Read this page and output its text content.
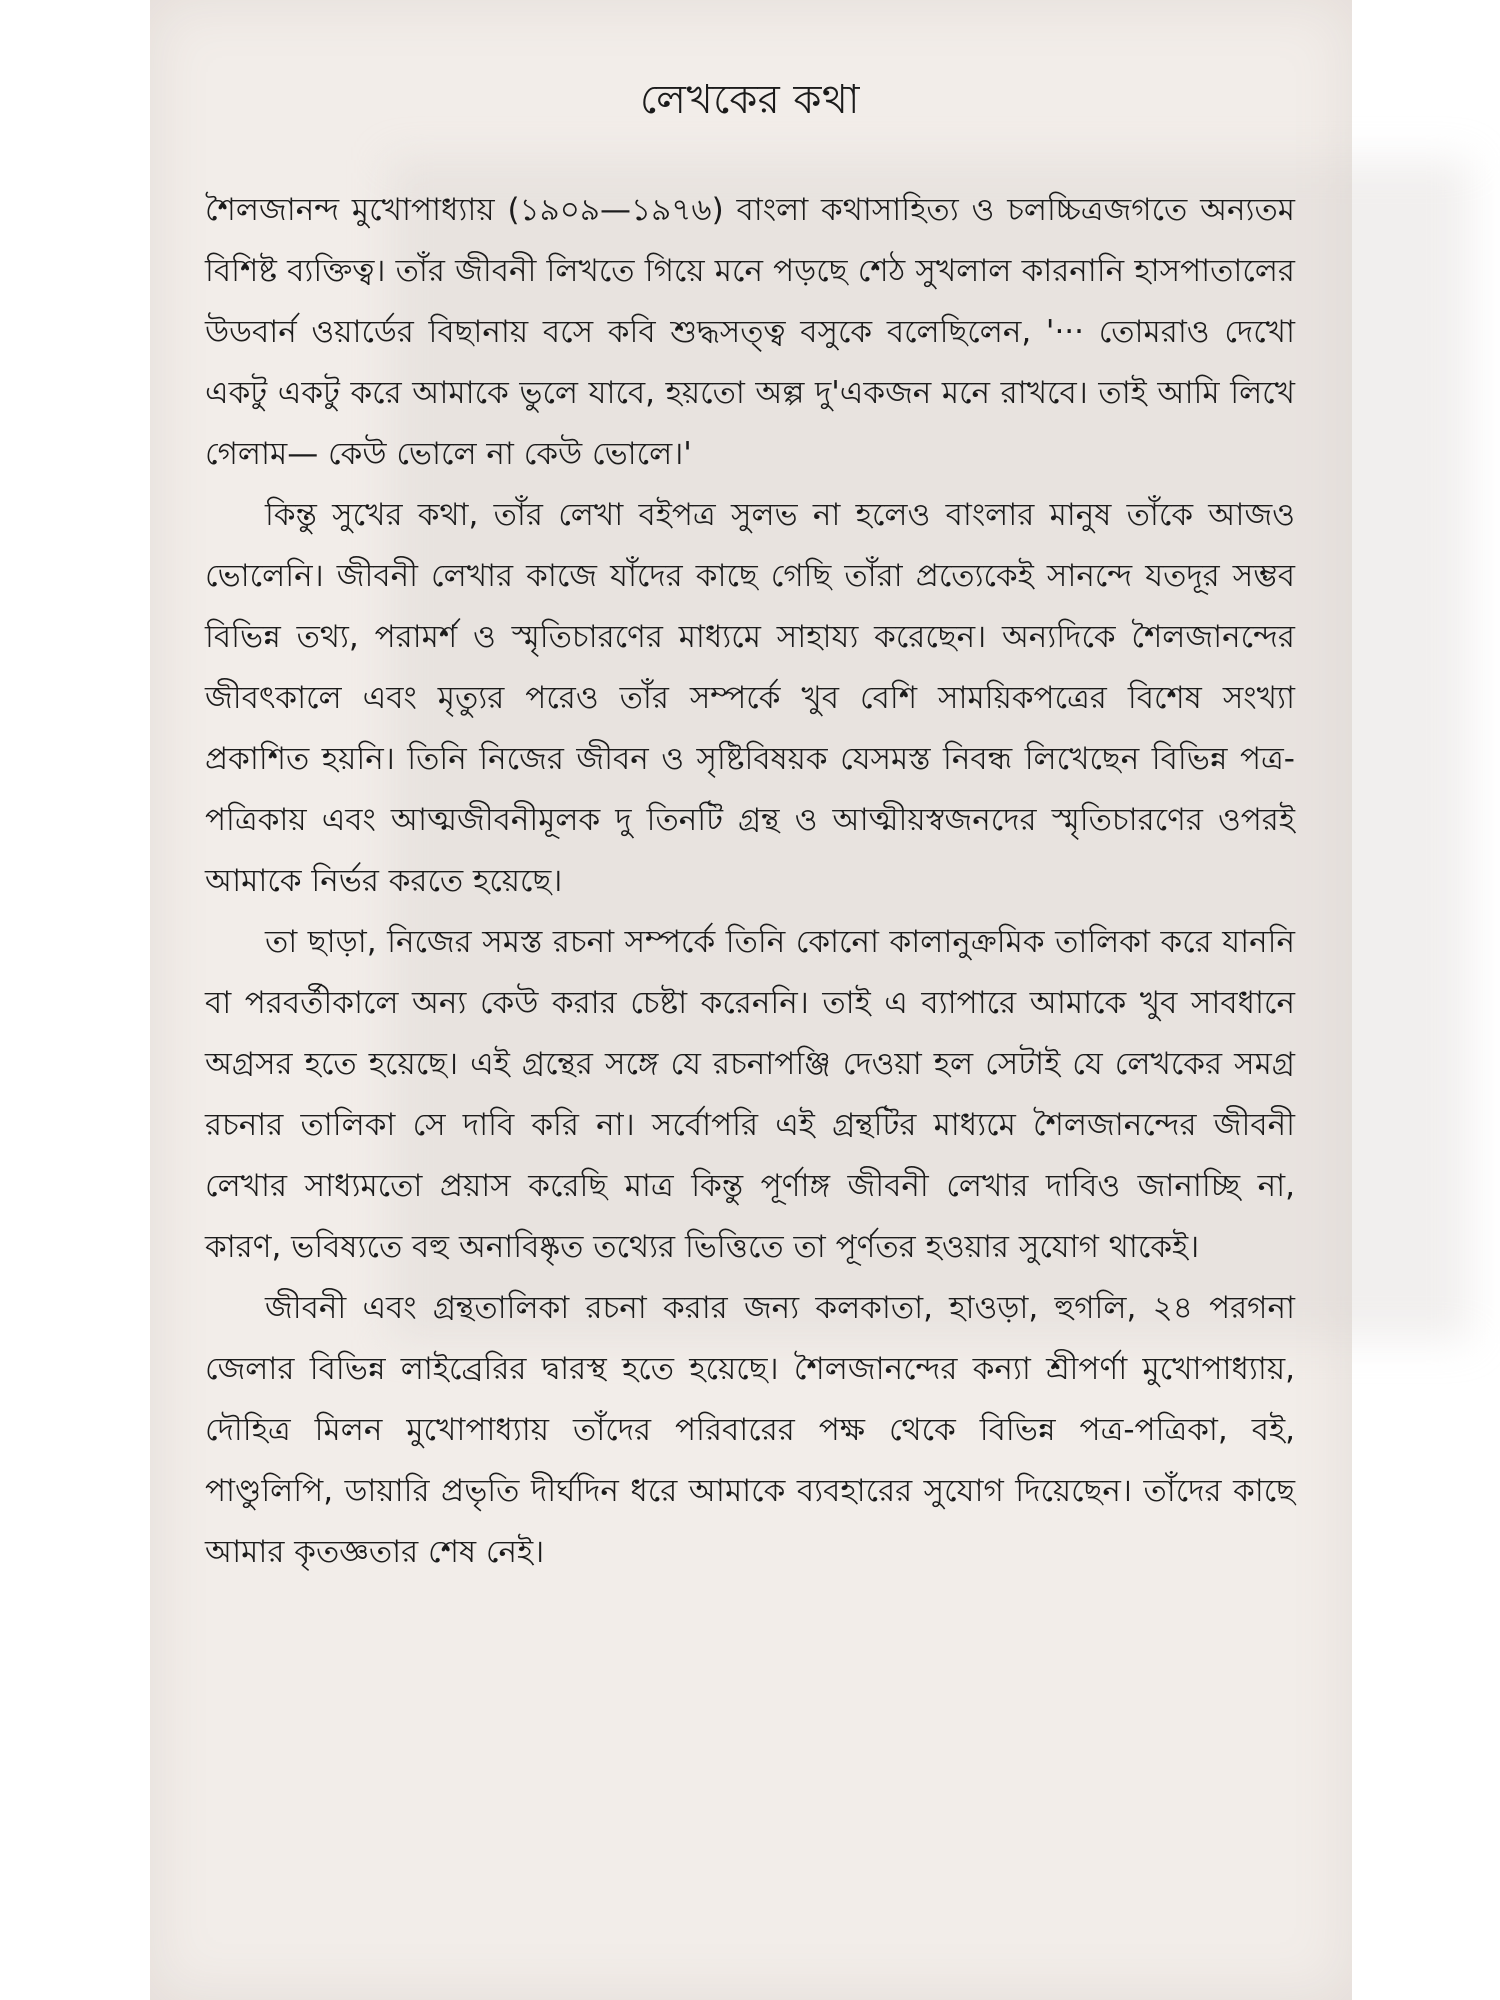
লেখকের কথা

শৈলজানন্দ মুখোপাধ্যায় (১৯০৯—১৯৭৬) বাংলা কথাসাহিত্য ও চলচ্চিত্রজগতে অন্যতম বিশিষ্ট ব্যক্তিত্ব। তাঁর জীবনী লিখতে গিয়ে মনে পড়ছে শেঠ সুখলাল কারনানি হাসপাতালের উডবার্ন ওয়ার্ডের বিছানায় বসে কবি শুদ্ধসত্ত্ব বসুকে বলেছিলেন, '··· তোমরাও দেখো একটু একটু করে আমাকে ভুলে যাবে, হয়তো অল্প দু'একজন মনে রাখবে। তাই আমি লিখে গেলাম— কেউ ভোলে না কেউ ভোলে।'

কিন্তু সুখের কথা, তাঁর লেখা বইপত্র সুলভ না হলেও বাংলার মানুষ তাঁকে আজও ভোলেনি। জীবনী লেখার কাজে যাঁদের কাছে গেছি তাঁরা প্রত্যেকেই সানন্দে যতদূর সম্ভব বিভিন্ন তথ্য, পরামর্শ ও স্মৃতিচারণের মাধ্যমে সাহায্য করেছেন। অন্যদিকে শৈলজানন্দের জীবৎকালে এবং মৃত্যুর পরেও তাঁর সম্পর্কে খুব বেশি সাময়িকপত্রের বিশেষ সংখ্যা প্রকাশিত হয়নি। তিনি নিজের জীবন ও সৃষ্টিবিষয়ক যেসমস্ত নিবন্ধ লিখেছেন বিভিন্ন পত্র-পত্রিকায় এবং আত্মজীবনীমূলক দু তিনটি গ্রন্থ ও আত্মীয়স্বজনদের স্মৃতিচারণের ওপরই আমাকে নির্ভর করতে হয়েছে।

তা ছাড়া, নিজের সমস্ত রচনা সম্পর্কে তিনি কোনো কালানুক্রমিক তালিকা করে যাননি বা পরবর্তীকালে অন্য কেউ করার চেষ্টা করেননি। তাই এ ব্যাপারে আমাকে খুব সাবধানে অগ্রসর হতে হয়েছে। এই গ্রন্থের সঙ্গে যে রচনাপঞ্জি দেওয়া হল সেটাই যে লেখকের সমগ্র রচনার তালিকা সে দাবি করি না। সর্বোপরি এই গ্রন্থটির মাধ্যমে শৈলজানন্দের জীবনী লেখার সাধ্যমতো প্রয়াস করেছি মাত্র কিন্তু পূর্ণাঙ্গ জীবনী লেখার দাবিও জানাচ্ছি না, কারণ, ভবিষ্যতে বহু অনাবিষ্কৃত তথ্যের ভিত্তিতে তা পূর্ণতর হওয়ার সুযোগ থাকেই।

জীবনী এবং গ্রন্থতালিকা রচনা করার জন্য কলকাতা, হাওড়া, হুগলি, ২৪ পরগনা জেলার বিভিন্ন লাইব্রেরির দ্বারস্থ হতে হয়েছে। শৈলজানন্দের কন্যা শ্রীপর্ণা মুখোপাধ্যায়, দৌহিত্র মিলন মুখোপাধ্যায় তাঁদের পরিবারের পক্ষ থেকে বিভিন্ন পত্র-পত্রিকা, বই, পাণ্ডুলিপি, ডায়ারি প্রভৃতি দীর্ঘদিন ধরে আমাকে ব্যবহারের সুযোগ দিয়েছেন। তাঁদের কাছে আমার কৃতজ্ঞতার শেষ নেই।
